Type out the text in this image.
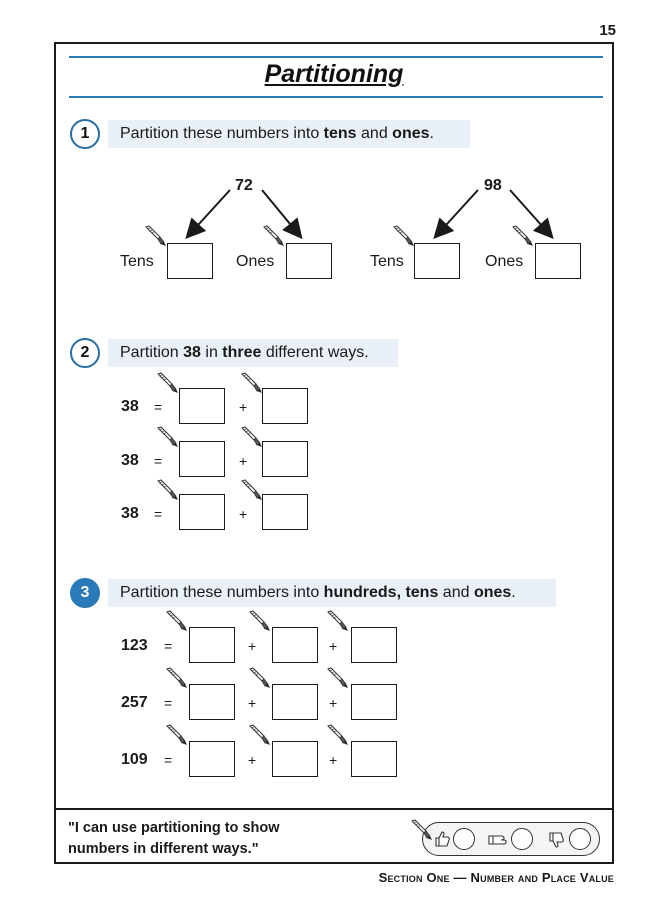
15
Partitioning
1	Partition these numbers into tens and ones.
72	98
Tens	Ones	Tens	Ones
2	Partition 38 in three different ways.
38 =	+
38 =	+
38 =	+
3	Partition these numbers into hundreds, tens and ones.
123 =	+	+
257 =	+	+
109 =	+	+
"I can use partitioning to show
numbers in different ways."
Section One — Number and Place Value
